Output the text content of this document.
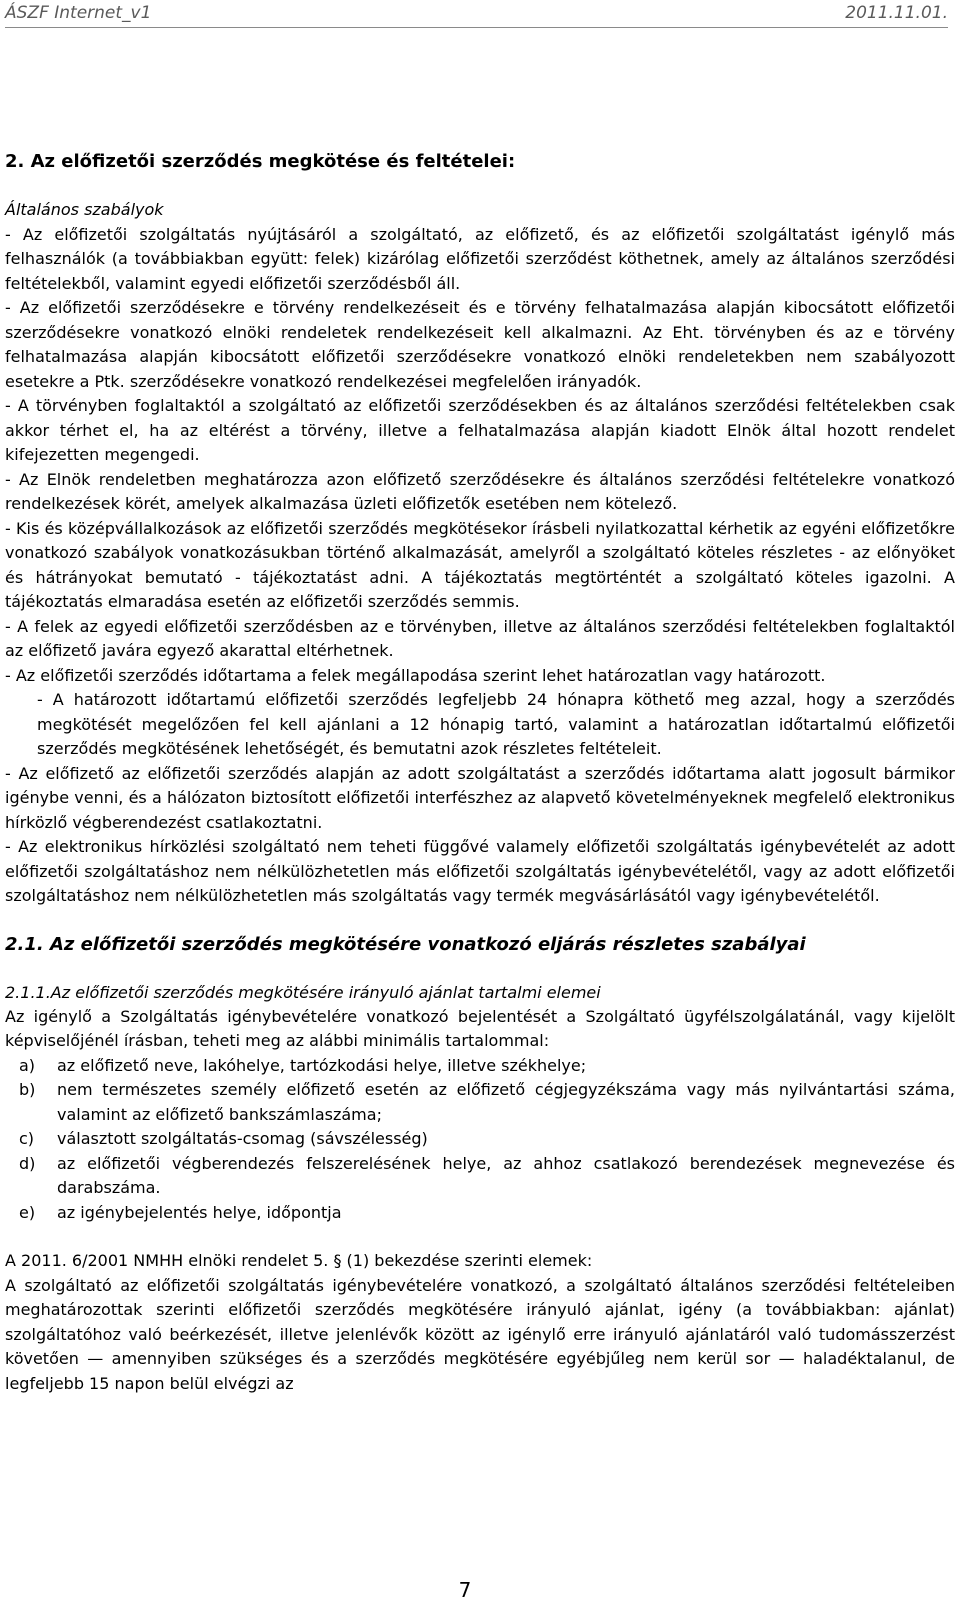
ÁSZF Internet_v1	2011.11.01.

2. Az előfizetői szerződés megkötése és feltételei:

Általános szabályok

- Az előfizetői szolgáltatás nyújtásáról a szolgáltató, az előfizető, és az előfizetői szolgáltatást igénylő más felhasználók (a továbbiakban együtt: felek) kizárólag előfizetői szerződést köthetnek, amely az általános szerződési feltételekből, valamint egyedi előfizetői szerződésből áll.

- Az előfizetői szerződésekre e törvény rendelkezéseit és e törvény felhatalmazása alapján kibocsátott előfizetői szerződésekre vonatkozó elnöki rendeletek rendelkezéseit kell alkalmazni. Az Eht. törvényben és az e törvény felhatalmazása alapján kibocsátott előfizetői szerződésekre vonatkozó elnöki rendeletekben nem szabályozott esetekre a Ptk. szerződésekre vonatkozó rendelkezései megfelelően irányadók.

- A törvényben foglaltaktól a szolgáltató az előfizetői szerződésekben és az általános szerződési feltételekben csak akkor térhet el, ha az eltérést a törvény, illetve a felhatalmazása alapján kiadott Elnök által hozott rendelet kifejezetten megengedi.

- Az Elnök rendeletben meghatározza azon előfizető szerződésekre és általános szerződési feltételekre vonatkozó rendelkezések körét, amelyek alkalmazása üzleti előfizetők esetében nem kötelező.

- Kis és középvállalkozások az előfizetői szerződés megkötésekor írásbeli nyilatkozattal kérhetik az egyéni előfizetőkre vonatkozó szabályok vonatkozásukban történő alkalmazását, amelyről a szolgáltató köteles részletes - az előnyöket és hátrányokat bemutató - tájékoztatást adni. A tájékoztatás megtörténtét a szolgáltató köteles igazolni. A tájékoztatás elmaradása esetén az előfizetői szerződés semmis.

- A felek az egyedi előfizetői szerződésben az e törvényben, illetve az általános szerződési feltételekben foglaltaktól az előfizető javára egyező akarattal eltérhetnek.

- Az előfizetői szerződés időtartama a felek megállapodása szerint lehet határozatlan vagy határozott.

- A határozott időtartamú előfizetői szerződés legfeljebb 24 hónapra köthető meg azzal, hogy a szerződés megkötését megelőzően fel kell ajánlani a 12 hónapig tartó, valamint a határozatlan időtartalmú előfizetői szerződés megkötésének lehetőségét, és bemutatni azok részletes feltételeit.

- Az előfizető az előfizetői szerződés alapján az adott szolgáltatást a szerződés időtartama alatt jogosult bármikor igénybe venni, és a hálózaton biztosított előfizetői interfészhez az alapvető követelményeknek megfelelő elektronikus hírközlő végberendezést csatlakoztatni.

- Az elektronikus hírközlési szolgáltató nem teheti függővé valamely előfizetői szolgáltatás igénybevételét az adott előfizetői szolgáltatáshoz nem nélkülözhetetlen más előfizetői szolgáltatás igénybevételétől, vagy az adott előfizetői szolgáltatáshoz nem nélkülözhetetlen más szolgáltatás vagy termék megvásárlásától vagy igénybevételétől.

2.1. Az előfizetői szerződés megkötésére vonatkozó eljárás részletes szabályai

2.1.1.Az előfizetői szerződés megkötésére irányuló ajánlat tartalmi elemei

Az igénylő a Szolgáltatás igénybevételére vonatkozó bejelentését a Szolgáltató ügyfélszolgálatánál, vagy kijelölt képviselőjénél írásban, teheti meg az alábbi minimális tartalommal:

a) az előfizető neve, lakóhelye, tartózkodási helye, illetve székhelye;
b) nem természetes személy előfizető esetén az előfizető cégjegyzékszáma vagy más nyilvántartási száma, valamint az előfizető bankszámlaszáma;
c) választott szolgáltatás-csomag (sávszélesség)
d) az előfizetői végberendezés felszerelésének helye, az ahhoz csatlakozó berendezések megnevezése és darabszáma.
e) az igénybejelentés helye, időpontja

A 2011. 6/2001 NMHH elnöki rendelet 5. § (1) bekezdése szerinti elemek:

A szolgáltató az előfizetői szolgáltatás igénybevételére vonatkozó, a szolgáltató általános szerződési feltételeiben meghatározottak szerinti előfizetői szerződés megkötésére irányuló ajánlat, igény (a továbbiakban: ajánlat) szolgáltatóhoz való beérkezését, illetve jelenlévők között az igénylő erre irányuló ajánlatáról való tudomásszerzést követően — amennyiben szükséges és a szerződés megkötésére egyébjűleg nem kerül sor — haladéktalanul, de legfeljebb 15 napon belül elvégzi az

7
